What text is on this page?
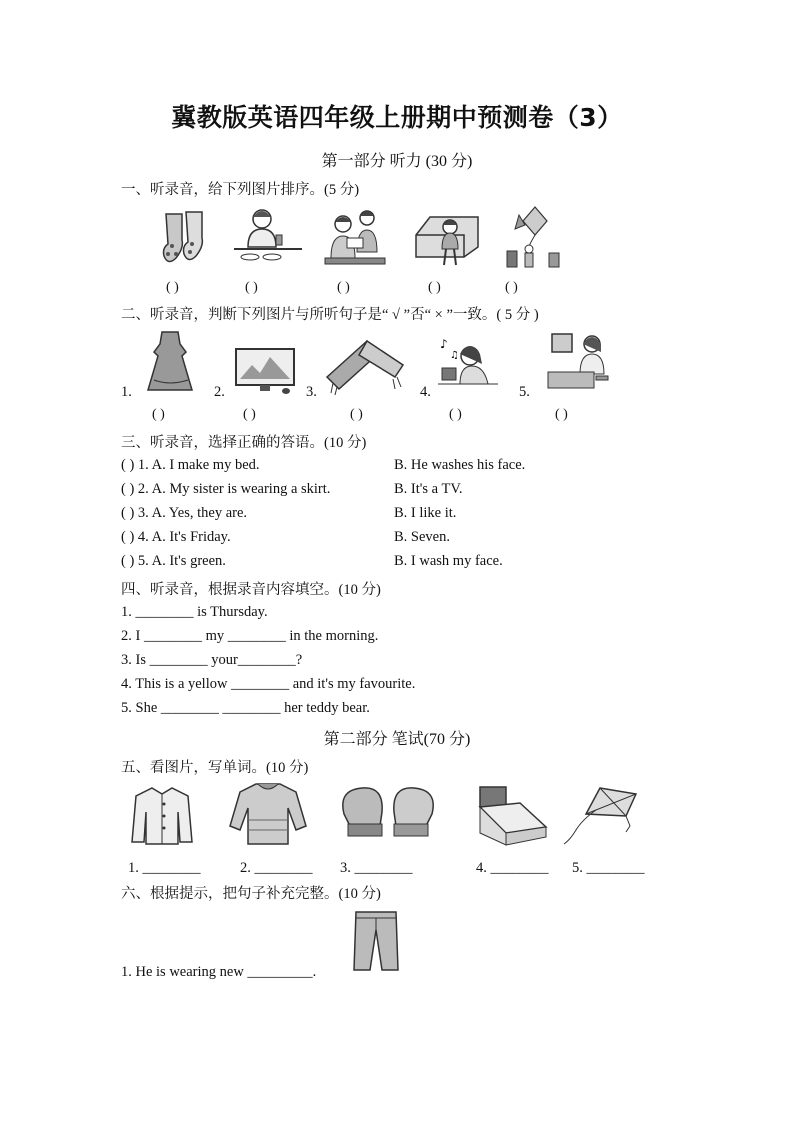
冀教版英语四年级上册期中预测卷（3）
第一部分 听力 (30 分)
一、听录音，给下列图片排序。(5 分)
( )	( )	( )	( )	( )
二、听录音，判断下列图片与所听句子是“ √ ”否“ × ”一致。( 5 分 )
1.	2.	3.	4.
♪
♫
5.
( )	( )	( )	( )	( )
三、听录音，选择正确的答语。(10 分)
( ) 1. A. I make my bed.	B. He washes his face.
( ) 2. A. My sister is wearing a skirt.	B. It's a TV.
( ) 3. A. Yes, they are.	B. I like it.
( ) 4. A. It's Friday.	B. Seven.
( ) 5. A. It's green.	B. I wash my face.
四、听录音，根据录音内容填空。(10 分)
1. ________ is Thursday.
2. I ________ my ________ in the morning.
3. Is ________ your________?
4. This is a yellow ________ and it's my favourite.
5. She ________ ________ her teddy bear.
第二部分 笔试(70 分)
五、看图片，写单词。(10 分)
1. ________	2. ________ 3. ________	4. ________ 5. ________
六、根据提示，把句子补充完整。(10 分)
1. He is wearing new _________.
